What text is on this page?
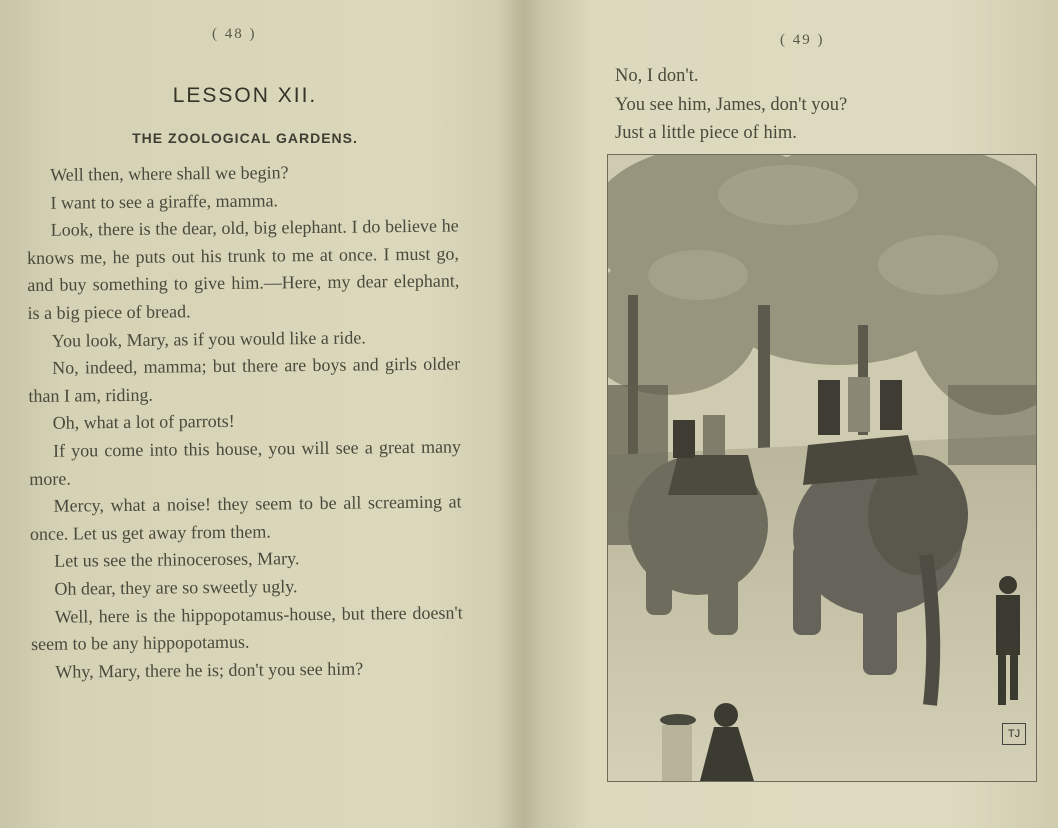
( 48 )
LESSON XII.
THE ZOOLOGICAL GARDENS.

Well then, where shall we begin?

I want to see a giraffe, mamma.

Look, there is the dear, old, big elephant. I do believe he knows me, he puts out his trunk to me at once. I must go, and buy something to give him.—Here, my dear elephant, is a big piece of bread.

You look, Mary, as if you would like a ride.

No, indeed, mamma; but there are boys and girls older than I am, riding.

Oh, what a lot of parrots!

If you come into this house, you will see a great many more.

Mercy, what a noise! they seem to be all screaming at once. Let us get away from them.

Let us see the rhinoceroses, Mary.

Oh dear, they are so sweetly ugly.

Well, here is the hippopotamus-house, but there doesn't seem to be any hippopotamus.

Why, Mary, there he is; don't you see him?

( 49 )
No, I don't.
You see him, James, don't you?
Just a little piece of him.
TJ
